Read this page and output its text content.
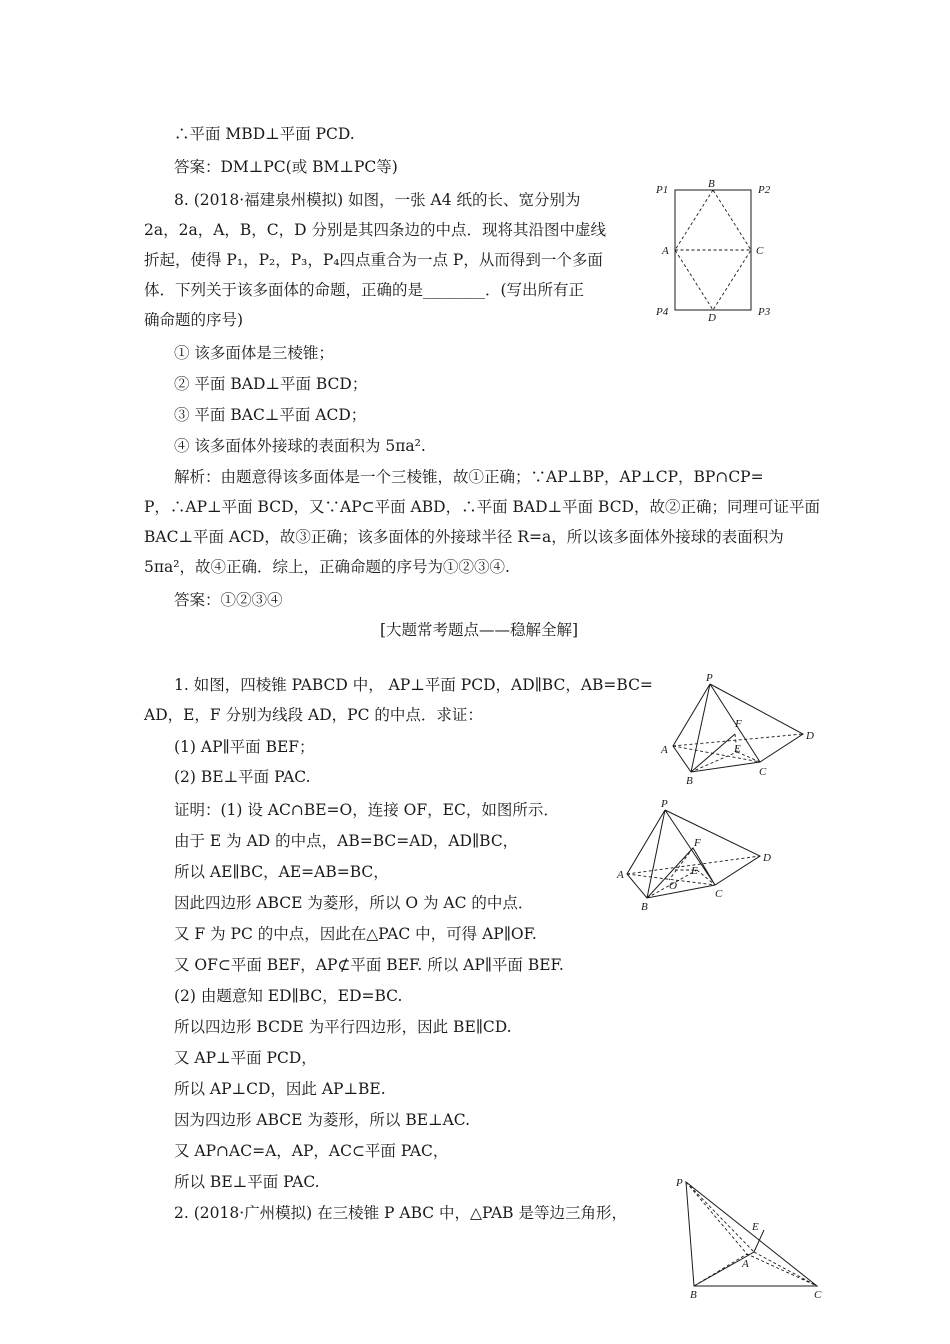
∴平面 MBD⊥平面 PCD.
答案：DM⊥PC(或 BM⊥PC等)
8. (2018·福建泉州模拟) 如图，一张 A4 纸的长、宽分别为
2a，2a，A，B，C，D 分别是其四条边的中点．现将其沿图中虚线
折起，使得 P₁，P₂，P₃，P₄四点重合为一点 P，从而得到一个多面
体．下列关于该多面体的命题，正确的是________．(写出所有正
确命题的序号)
① 该多面体是三棱锥；
② 平面 BAD⊥平面 BCD；
③ 平面 BAC⊥平面 ACD；
④ 该多面体外接球的表面积为 5πa².
解析：由题意得该多面体是一个三棱锥，故①正确；∵AP⊥BP，AP⊥CP，BP∩CP=
P，∴AP⊥平面 BCD，又∵AP⊂平面 ABD，∴平面 BAD⊥平面 BCD，故②正确；同理可证平面
BAC⊥平面 ACD，故③正确；该多面体的外接球半径 R=a，所以该多面体外接球的表面积为
5πa²，故④正确．综上，正确命题的序号为①②③④.
答案：①②③④
[大题常考题点——稳解全解]
1. 如图，四棱锥 PABCD 中， AP⊥平面 PCD，AD∥BC，AB=BC=
AD，E，F 分别为线段 AD，PC 的中点．求证：
(1) AP∥平面 BEF；
(2) BE⊥平面 PAC.
证明：(1) 设 AC∩BE=O，连接 OF，EC，如图所示．
由于 E 为 AD 的中点，AB=BC=AD，AD∥BC，
所以 AE∥BC，AE=AB=BC，
因此四边形 ABCE 为菱形，所以 O 为 AC 的中点．
又 F 为 PC 的中点，因此在△PAC 中，可得 AP∥OF.
又 OF⊂平面 BEF，AP⊄平面 BEF. 所以 AP∥平面 BEF.
(2) 由题意知 ED∥BC，ED=BC.
所以四边形 BCDE 为平行四边形，因此 BE∥CD.
又 AP⊥平面 PCD，
所以 AP⊥CD，因此 AP⊥BE.
因为四边形 ABCE 为菱形，所以 BE⊥AC.
又 AP∩AC=A，AP，AC⊂平面 PAC，
所以 BE⊥平面 PAC.
2. (2018·广州模拟) 在三棱锥 P ABC 中，△PAB 是等边三角形，
P1	B	P2
A	C
P4	D	P3
P
F
E
A
B
C
D
P
F
E
O
A
B
C
D
P
E
A
B	C
